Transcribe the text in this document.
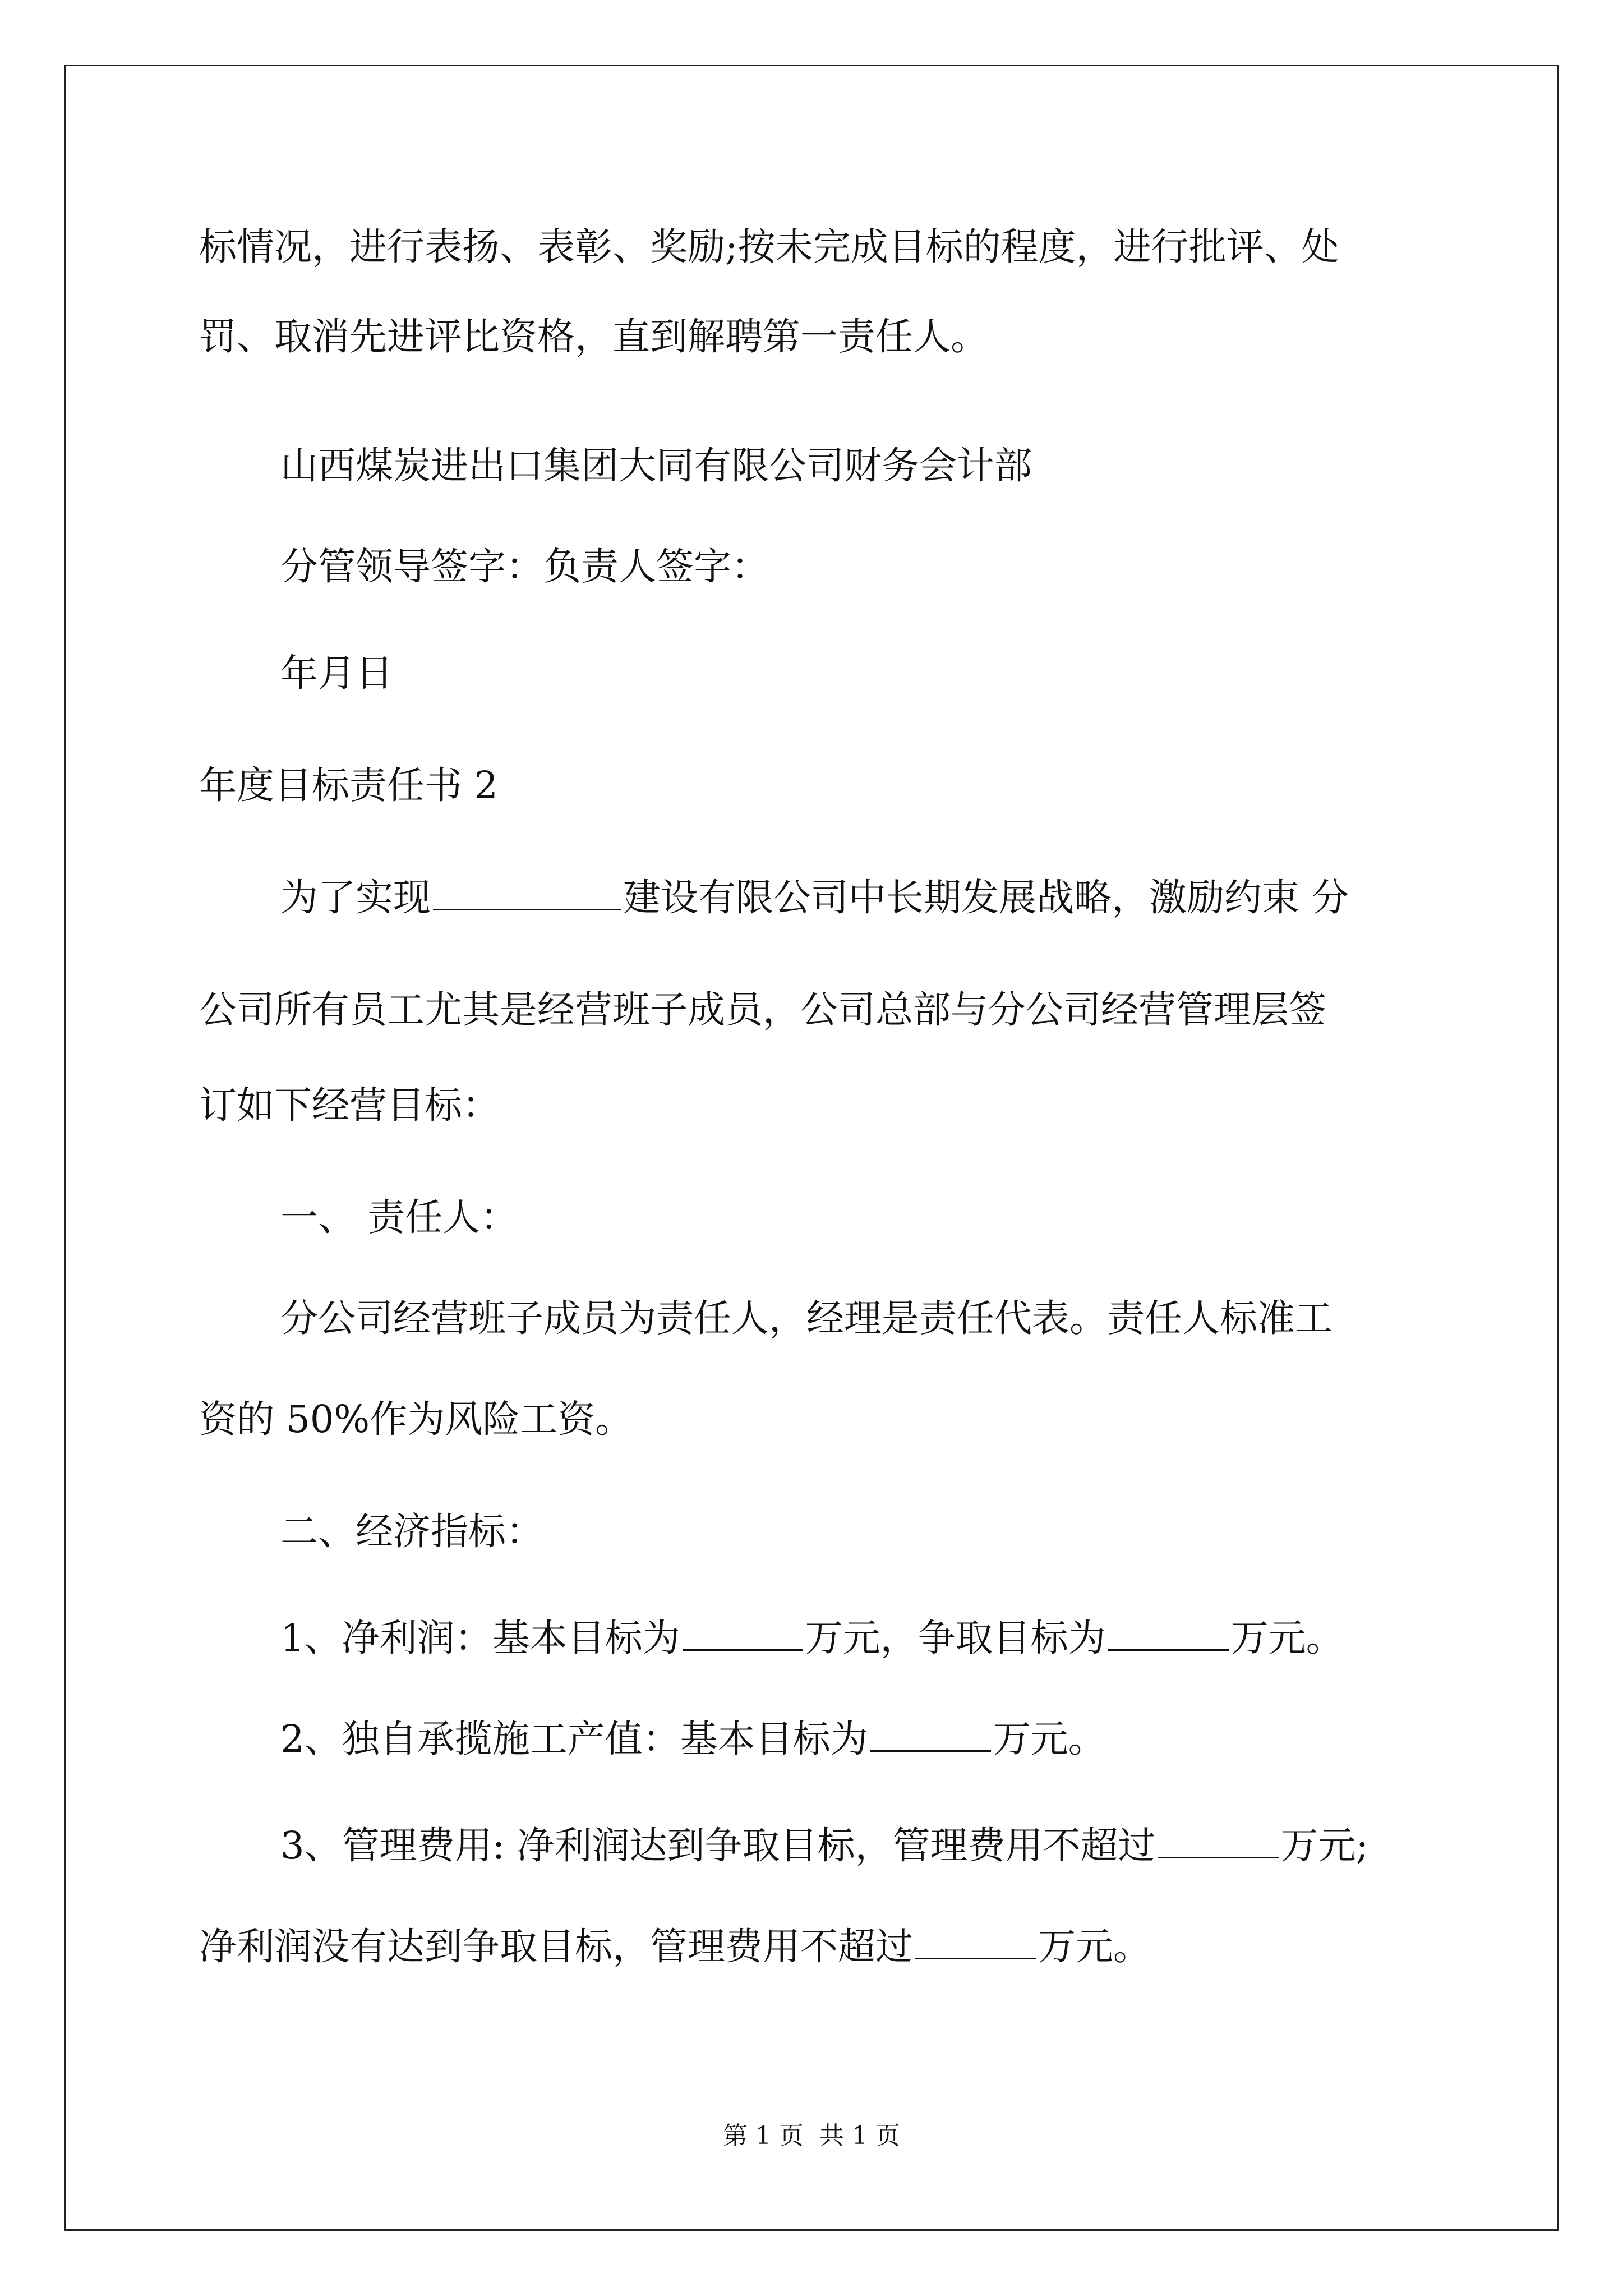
标情况，进行表扬、表彰、奖励;按未完成目标的程度，进行批评、处
罚、取消先进评比资格，直到解聘第一责任人。
山西煤炭进出口集团大同有限公司财务会计部
分管领导签字：负责人签字：
年月日
年度目标责任书 2
为了实现	建设有限公司中长期发展战略，激励约束 分
公司所有员工尤其是经营班子成员，公司总部与分公司经营管理层签
订如下经营目标：
一、 责任人：
分公司经营班子成员为责任人，经理是责任代表。责任人标准工
资的 50%作为风险工资。
二、经济指标：
1、净利润：基本目标为	万元，争取目标为	万元。
2、独自承揽施工产值：基本目标为	万元。
3、管理费用: 净利润达到争取目标，管理费用不超过	万元;
净利润没有达到争取目标，管理费用不超过	万元。
第 1 页 共 1 页
